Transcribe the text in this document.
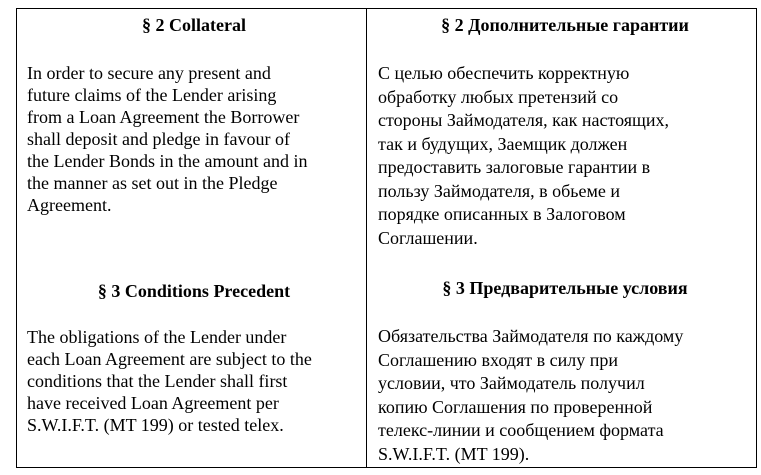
§ 2 Collateral
In order to secure any present and
future claims of the Lender arising
from a Loan Agreement the Borrower
shall deposit and pledge in favour of
the Lender Bonds in the amount and in
the manner as set out in the Pledge
Agreement.
§ 3 Conditions Precedent
The obligations of the Lender under
each Loan Agreement are subject to the
conditions that the Lender shall first
have received Loan Agreement per
S.W.I.F.T. (MT 199) or tested telex.
§ 2 Дополнительные гарантии
С целью обеспечить корректную
обработку любых претензий со
стороны Займодателя, как настоящих,
так и будущих, Заемщик должен
предоставить залоговые гарантии в
пользу Займодателя, в обьеме и
порядке описанных в Залоговом
Соглашении.
§ 3 Предварительные условия
Обязательства Займодателя по каждому
Соглашению входят в силу при
условии, что Займодатель получил
копию Соглашения по проверенной
телекс-линии и сообщением формата
S.W.I.F.T. (MT 199).
